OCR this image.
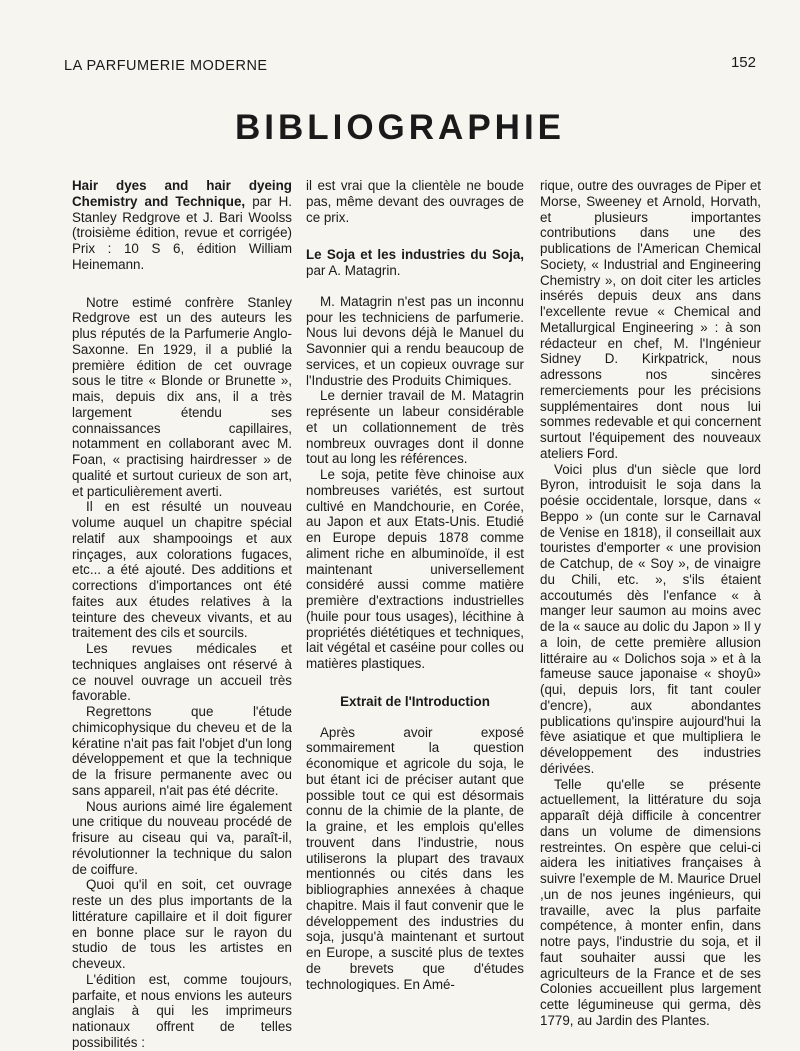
LA PARFUMERIE MODERNE	152
BIBLIOGRAPHIE

Hair dyes and hair dyeing Chemistry and Technique, par H. Stanley Redgrove et J. Bari Woolss (troisième édition, revue et corrigée) Prix : 10 S 6, édition William Heinemann.

Notre estimé confrère Stanley Redgrove est un des auteurs les plus réputés de la Parfumerie Anglo-Saxonne. En 1929, il a publié la première édition de cet ouvrage sous le titre « Blonde or Brunette », mais, depuis dix ans, il a très largement étendu ses connaissances capillaires, notamment en collaborant avec M. Foan, « practising hairdresser » de qualité et surtout curieux de son art, et particulièrement averti.

Il en est résulté un nouveau volume auquel un chapitre spécial relatif aux shampooings et aux rinçages, aux colorations fugaces, etc... a été ajouté. Des additions et corrections d'importances ont été faites aux études relatives à la teinture des cheveux vivants, et au traitement des cils et sourcils.

Les revues médicales et techniques anglaises ont réservé à ce nouvel ouvrage un accueil très favorable.

Regrettons que l'étude chimicophysique du cheveu et de la kératine n'ait pas fait l'objet d'un long développement et que la technique de la frisure permanente avec ou sans appareil, n'ait pas été décrite.

Nous aurions aimé lire également une critique du nouveau procédé de frisure au ciseau qui va, paraît-il, révolutionner la technique du salon de coiffure.

Quoi qu'il en soit, cet ouvrage reste un des plus importants de la littérature capillaire et il doit figurer en bonne place sur le rayon du studio de tous les artistes en cheveux.

L'édition est, comme toujours, parfaite, et nous envions les auteurs anglais à qui les imprimeurs nationaux offrent de telles possibilités :

il est vrai que la clientèle ne boude pas, même devant des ouvrages de ce prix.

Le Soja et les industries du Soja, par A. Matagrin.

M. Matagrin n'est pas un inconnu pour les techniciens de parfumerie. Nous lui devons déjà le Manuel du Savonnier qui a rendu beaucoup de services, et un copieux ouvrage sur l'Industrie des Produits Chimiques.

Le dernier travail de M. Matagrin représente un labeur considérable et un collationnement de très nombreux ouvrages dont il donne tout au long les références.

Le soja, petite fève chinoise aux nombreuses variétés, est surtout cultivé en Mandchourie, en Corée, au Japon et aux Etats-Unis. Etudié en Europe depuis 1878 comme aliment riche en albuminoïde, il est maintenant universellement considéré aussi comme matière première d'extractions industrielles (huile pour tous usages), lécithine à propriétés diététiques et techniques, lait végétal et caséine pour colles ou matières plastiques.

Extrait de l'Introduction

Après avoir exposé sommairement la question économique et agricole du soja, le but étant ici de préciser autant que possible tout ce qui est désormais connu de la chimie de la plante, de la graine, et les emplois qu'elles trouvent dans l'industrie, nous utiliserons la plupart des travaux mentionnés ou cités dans les bibliographies annexées à chaque chapitre. Mais il faut convenir que le développement des industries du soja, jusqu'à maintenant et surtout en Europe, a suscité plus de textes de brevets que d'études technologiques. En Amé-

rique, outre des ouvrages de Piper et Morse, Sweeney et Arnold, Horvath, et plusieurs importantes contributions dans une des publications de l'American Chemical Society, « Industrial and Engineering Chemistry », on doit citer les articles insérés depuis deux ans dans l'excellente revue « Chemical and Metallurgical Engineering » : à son rédacteur en chef, M. l'Ingénieur Sidney D. Kirkpatrick, nous adressons nos sincères remerciements pour les précisions supplémentaires dont nous lui sommes redevable et qui concernent surtout l'équipement des nouveaux ateliers Ford.

Voici plus d'un siècle que lord Byron, introduisit le soja dans la poésie occidentale, lorsque, dans « Beppo » (un conte sur le Carnaval de Venise en 1818), il conseillait aux touristes d'emporter « une provision de Catchup, de « Soy », de vinaigre du Chili, etc. », s'ils étaient accoutumés dès l'enfance « à manger leur saumon au moins avec de la « sauce au dolic du Japon » Il y a loin, de cette première allusion littéraire au « Dolichos soja » et à la fameuse sauce japonaise « shoyû» (qui, depuis lors, fit tant couler d'encre), aux abondantes publications qu'inspire aujourd'hui la fève asiatique et que multipliera le développement des industries dérivées.

Telle qu'elle se présente actuellement, la littérature du soja apparaît déjà difficile à concentrer dans un volume de dimensions restreintes. On espère que celui-ci aidera les initiatives françaises à suivre l'exemple de M. Maurice Druel ,un de nos jeunes ingénieurs, qui travaille, avec la plus parfaite compétence, à monter enfin, dans notre pays, l'industrie du soja, et il faut souhaiter aussi que les agriculteurs de la France et de ses Colonies accueillent plus largement cette légumineuse qui germa, dès 1779, au Jardin des Plantes.
